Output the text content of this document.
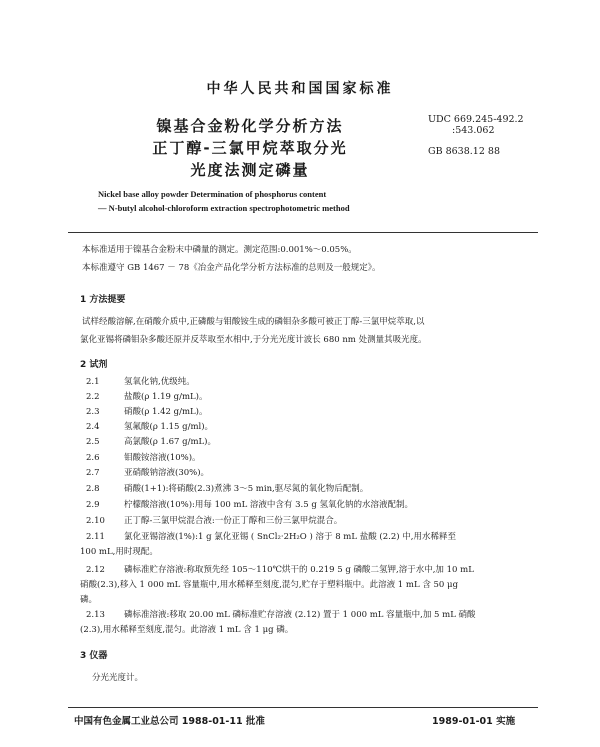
中华人民共和国国家标准
镍基合金粉化学分析方法
正丁醇-三氯甲烷萃取分光
光度法测定磷量
UDC 669.245-492.2
:543.062
GB 8638.12 88
Nickel base alloy powder Determination of phosphorus content
— N-butyl alcohol-chloroform extraction spectrophotometric method
本标准适用于镍基合金粉末中磷量的测定。测定范围:0.001%～0.05%。
本标准遵守 GB 1467 － 78《冶金产品化学分析方法标准的总则及一般规定》。
1 方法提要
试样经酸溶解,在硝酸介质中,正磷酸与钼酸铵生成的磷钼杂多酸可被正丁醇-三氯甲烷萃取,以
氯化亚锡将磷钼杂多酸还原并反萃取至水相中,于分光光度计波长 680 nm 处测量其吸光度。
2 试剂
2.1	氢氧化钠,优级纯。
2.2	盐酸(ρ 1.19 g/mL)。
2.3	硝酸(ρ 1.42 g/mL)。
2.4	氢氟酸(ρ 1.15 g/ml)。
2.5	高氯酸(ρ 1.67 g/mL)。
2.6	钼酸铵溶液(10%)。
2.7	亚硝酸钠溶液(30%)。
2.8	硝酸(1+1):将硝酸(2.3)煮沸 3～5 min,驱尽氮的氧化物后配制。
2.9	柠檬酸溶液(10%):用每 100 mL 溶液中含有 3.5 g 氢氧化钠的水溶液配制。
2.10 正丁醇-三氯甲烷混合液:一份正丁醇和三份三氯甲烷混合。
2.11 氯化亚锡溶液(1%):1 g 氯化亚锡 ( SnCl₂·2H₂O ) 溶于 8 mL 盐酸 (2.2) 中,用水稀释至
100 mL,用时现配。
2.12 磷标准贮存溶液:称取预先经 105～110℃烘干的 0.219 5 g 磷酸二氢钾,溶于水中,加 10 mL
硝酸(2.3),移入 1 000 mL 容量瓶中,用水稀释至刻度,混匀,贮存于塑料瓶中。此溶液 1 mL 含 50 μg
磷。
2.13 磷标准溶液:移取 20.00 mL 磷标准贮存溶液 (2.12) 置于 1 000 mL 容量瓶中,加 5 mL 硝酸
(2.3),用水稀释至刻度,混匀。此溶液 1 mL 含 1 μg 磷。
3 仪器
分光光度计。
中国有色金属工业总公司 1988-01-11 批准	1989-01-01 实施
